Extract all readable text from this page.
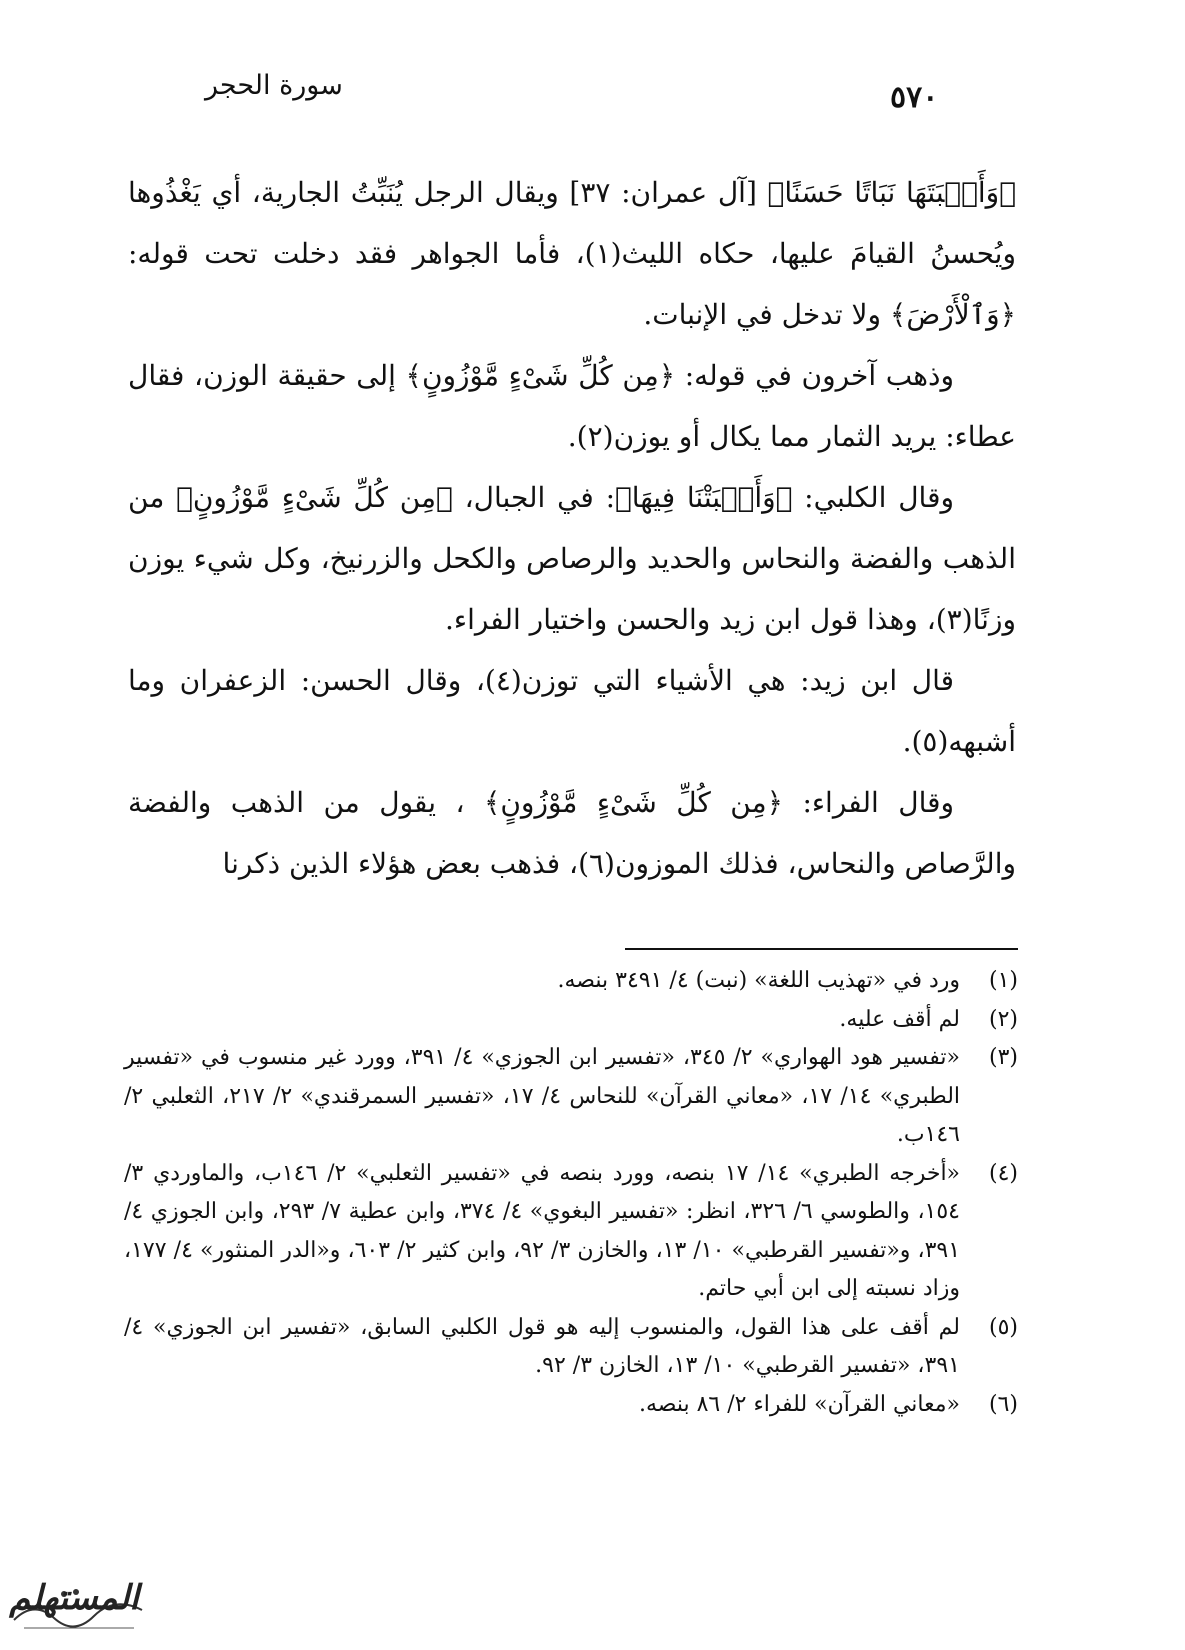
سورة الحجر	٥٧٠

﴿وَأَنۢبَتَهَا نَبَاتًا حَسَنًا﴾ [آل عمران: ٣٧] ويقال الرجل يُنَبِّتُ الجارية، أي يَغْذُوها ويُحسنُ القيامَ عليها، حكاه الليث(١)، فأما الجواهر فقد دخلت تحت قوله: ﴿وَٱلْأَرْضَ﴾ ولا تدخل في الإنبات.

وذهب آخرون في قوله: ﴿مِن كُلِّ شَىْءٍ مَّوْزُونٍ﴾ إلى حقيقة الوزن، فقال عطاء: يريد الثمار مما يكال أو يوزن(٢).

وقال الكلبي: ﴿وَأَنۢبَتْنَا فِيهَا﴾: في الجبال، ﴿مِن كُلِّ شَىْءٍ مَّوْزُونٍ﴾ من الذهب والفضة والنحاس والحديد والرصاص والكحل والزرنيخ، وكل شيء يوزن وزنًا(٣)، وهذا قول ابن زيد والحسن واختيار الفراء.

قال ابن زيد: هي الأشياء التي توزن(٤)، وقال الحسن: الزعفران وما أشبهه(٥).

وقال الفراء: ﴿مِن كُلِّ شَىْءٍ مَّوْزُونٍ﴾ ، يقول من الذهب والفضة والرَّصاص والنحاس، فذلك الموزون(٦)، فذهب بعض هؤلاء الذين ذكرنا

(١)
ورد في «تهذيب اللغة» (نبت) ٤/ ٣٤٩١ بنصه.
(٢)
لم أقف عليه.
(٣)
«تفسير هود الهواري» ٢/ ٣٤٥، «تفسير ابن الجوزي» ٤/ ٣٩١، وورد غير منسوب في «تفسير الطبري» ١٤/ ١٧، «معاني القرآن» للنحاس ٤/ ١٧، «تفسير السمرقندي» ٢/ ٢١٧، الثعلبي ٢/ ١٤٦ب.
(٤)
«أخرجه الطبري» ١٤/ ١٧ بنصه، وورد بنصه في «تفسير الثعلبي» ٢/ ١٤٦ب، والماوردي ٣/ ١٥٤، والطوسي ٦/ ٣٢٦، انظر: «تفسير البغوي» ٤/ ٣٧٤، وابن عطية ٧/ ٢٩٣، وابن الجوزي ٤/ ٣٩١، و«تفسير القرطبي» ١٠/ ١٣، والخازن ٣/ ٩٢، وابن كثير ٢/ ٦٠٣، و«الدر المنثور» ٤/ ١٧٧، وزاد نسبته إلى ابن أبي حاتم.
(٥)
لم أقف على هذا القول، والمنسوب إليه هو قول الكلبي السابق، «تفسير ابن الجوزي» ٤/ ٣٩١، «تفسير القرطبي» ١٠/ ١٣، الخازن ٣/ ٩٢.
(٦)
«معاني القرآن» للفراء ٢/ ٨٦ بنصه.
المستهلم
